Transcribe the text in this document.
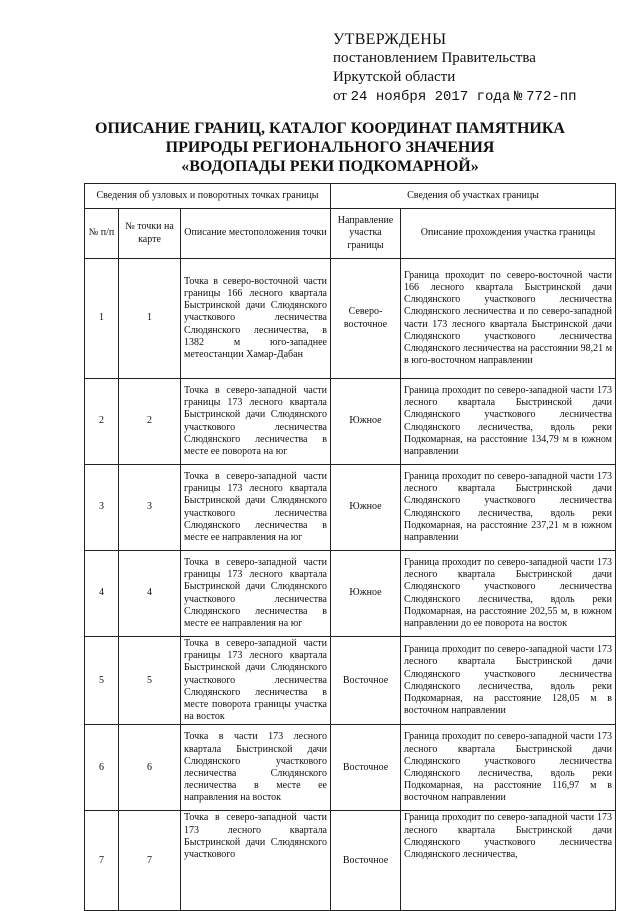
УТВЕРЖДЕНЫ
постановлением Правительства
Иркутской области
от 24 ноября 2017 года № 772-пп
ОПИСАНИЕ ГРАНИЦ, КАТАЛОГ КООРДИНАТ ПАМЯТНИКА
ПРИРОДЫ РЕГИОНАЛЬНОГО ЗНАЧЕНИЯ
«ВОДОПАДЫ РЕКИ ПОДКОМАРНОЙ»
Сведения об узловых и поворотных точках границы			Сведения об участках границы	
№ п/п	№ точки на карте	Описание местоположения точки	Направление участка границы	Описание прохождения участка границы
1	1	Точка в северо-восточной части границы 166 лесного квартала Быстринской дачи Слюдянского участкового лесничества Слюдянского лесничества, в 1382 м юго-западнее метеостанции Хамар-Дабан	Северо-восточное	Граница проходит по северо-восточной части 166 лесного квартала Быстринской дачи Слюдянского участкового лесничества Слюдянского лесничества и по северо-западной части 173 лесного квартала Быстринской дачи Слюдянского участкового лесничества Слюдянского лесничества на расстоянии 98,21 м в юго-восточном направлении
2	2	Точка в северо-западной части границы 173 лесного квартала Быстринской дачи Слюдянского участкового лесничества Слюдянского лесничества в месте ее поворота на юг	Южное	Граница проходит по северо-западной части 173 лесного квартала Быстринской дачи Слюдянского участкового лесничества Слюдянского лесничества, вдоль реки Подкомарная, на расстояние 134,79 м в южном направлении
3	3	Точка в северо-западной части границы 173 лесного квартала Быстринской дачи Слюдянского участкового лесничества Слюдянского лесничества в месте ее направления на юг	Южное	Граница проходит по северо-западной части 173 лесного квартала Быстринской дачи Слюдянского участкового лесничества Слюдянского лесничества, вдоль реки Подкомарная, на расстояние 237,21 м в южном направлении
4	4	Точка в северо-западной части границы 173 лесного квартала Быстринской дачи Слюдянского участкового лесничества Слюдянского лесничества в месте ее направления на юг	Южное	Граница проходит по северо-западной части 173 лесного квартала Быстринской дачи Слюдянского участкового лесничества Слюдянского лесничества, вдоль реки Подкомарная, на расстояние 202,55 м, в южном направлении до ее поворота на восток
5	5	Точка в северо-западной части границы 173 лесного квартала Быстринской дачи Слюдянского участкового лесничества Слюдянского лесничества в месте поворота границы участка на восток	Восточное	Граница проходит по северо-западной части 173 лесного квартала Быстринской дачи Слюдянского участкового лесничества Слюдянского лесничества, вдоль реки Подкомарная, на расстояние 128,05 м в восточном направлении
6	6	Точка в части 173 лесного квартала Быстринской дачи Слюдянского участкового лесничества Слюдянского лесничества в месте ее направления на восток	Восточное	Граница проходит по северо-западной части 173 лесного квартала Быстринской дачи Слюдянского участкового лесничества Слюдянского лесничества, вдоль реки Подкомарная, на расстояние 116,97 м в восточном направлении
7	7	Точка в северо-западной части 173 лесного квартала Быстринской дачи Слюдянского участкового	Восточное	Граница проходит по северо-западной части 173 лесного квартала Быстринской дачи Слюдянского участкового лесничества Слюдянского лесничества,
